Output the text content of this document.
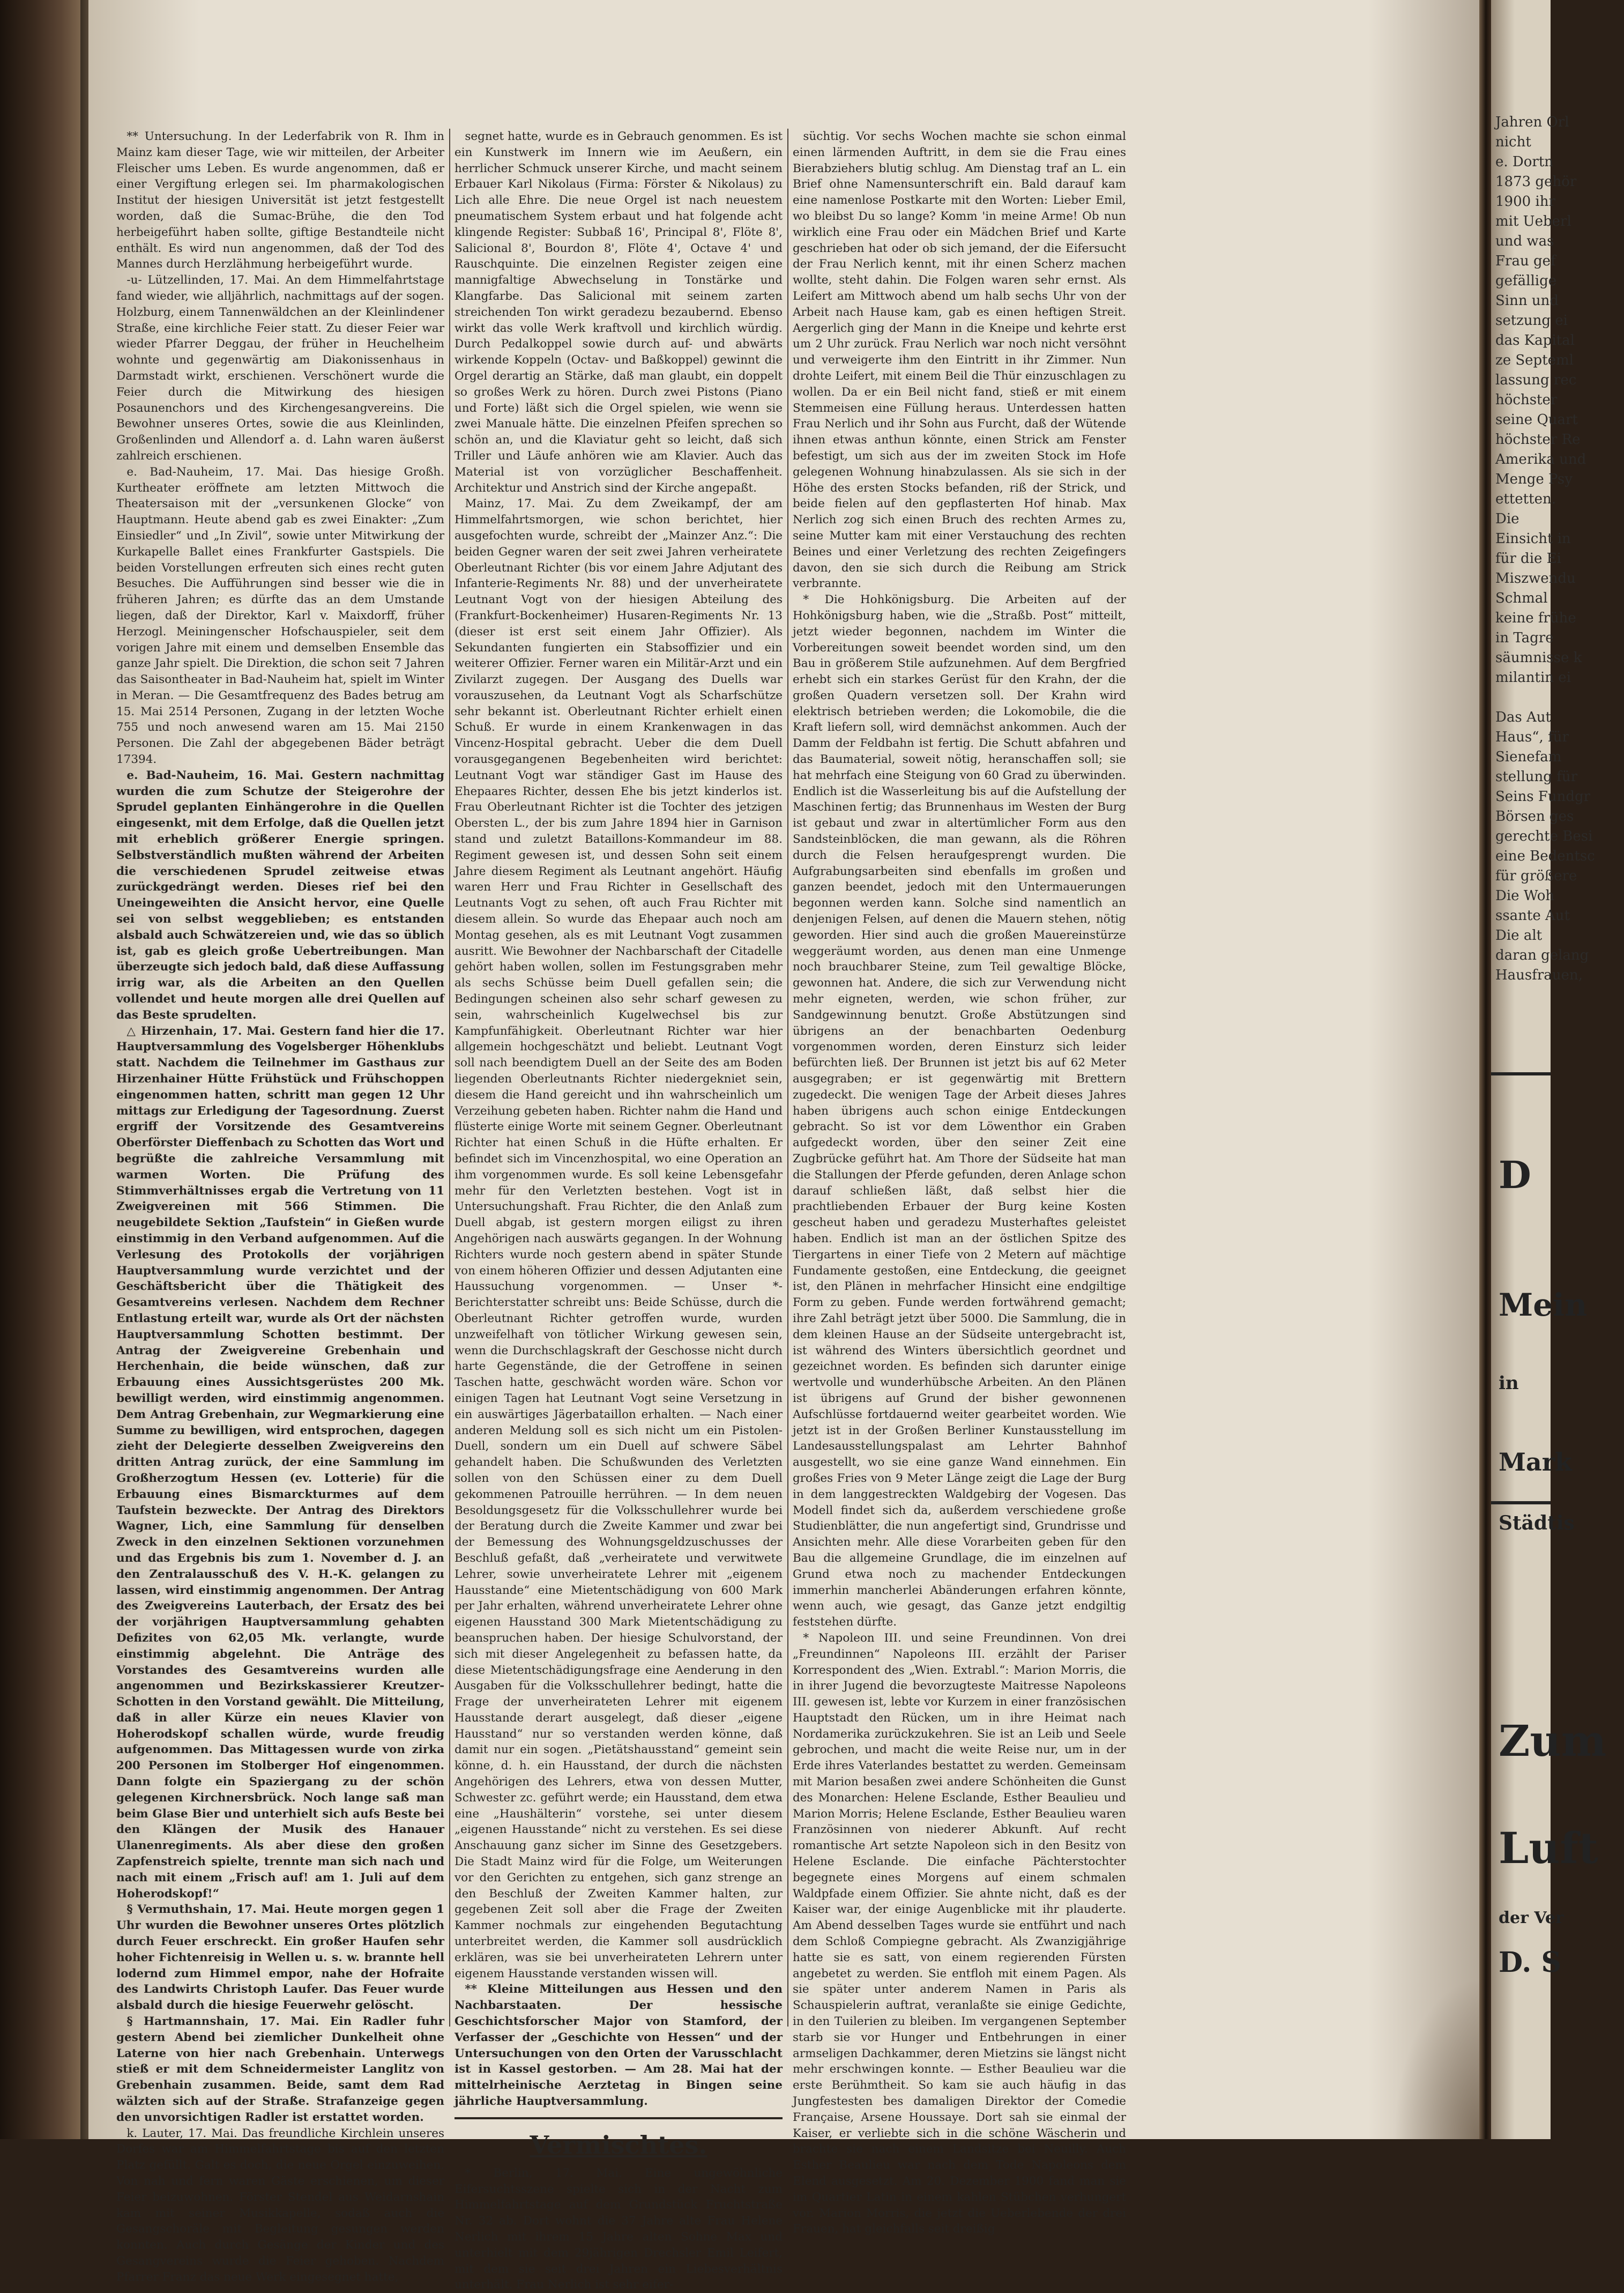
** Untersuchung. In der Lederfabrik von R. Ihm in Mainz kam dieser Tage, wie wir mitteilen, der Arbeiter Fleischer ums Leben. Es wurde angenommen, daß er einer Vergiftung erlegen sei. Im pharmakologischen Institut der hiesigen Universität ist jetzt festgestellt worden, daß die Sumac-Brühe, die den Tod herbeigeführt haben sollte, giftige Bestandteile nicht enthält. Es wird nun angenommen, daß der Tod des Mannes durch Herzlähmung herbeigeführt wurde.

-u- Lützellinden, 17. Mai. An dem Himmelfahrtstage fand wieder, wie alljährlich, nachmittags auf der sogen. Holzburg, einem Tannenwäldchen an der Kleinlindener Straße, eine kirchliche Feier statt. Zu dieser Feier war wieder Pfarrer Deggau, der früher in Heuchelheim wohnte und gegenwärtig am Diakonissenhaus in Darmstadt wirkt, erschienen. Verschönert wurde die Feier durch die Mitwirkung des hiesigen Posaunenchors und des Kirchengesangvereins. Die Bewohner unseres Ortes, sowie die aus Kleinlinden, Großenlinden und Allendorf a. d. Lahn waren äußerst zahlreich erschienen.

e. Bad-Nauheim, 17. Mai. Das hiesige Großh. Kurtheater eröffnete am letzten Mittwoch die Theatersaison mit der „versunkenen Glocke“ von Hauptmann. Heute abend gab es zwei Einakter: „Zum Einsiedler“ und „In Zivil“, sowie unter Mitwirkung der Kurkapelle Ballet eines Frankfurter Gastspiels. Die beiden Vorstellungen erfreuten sich eines recht guten Besuches. Die Aufführungen sind besser wie die in früheren Jahren; es dürfte das an dem Umstande liegen, daß der Direktor, Karl v. Maixdorff, früher Herzogl. Meiningenscher Hofschauspieler, seit dem vorigen Jahre mit einem und demselben Ensemble das ganze Jahr spielt. Die Direktion, die schon seit 7 Jahren das Saisontheater in Bad-Nauheim hat, spielt im Winter in Meran. — Die Gesamtfrequenz des Bades betrug am 15. Mai 2514 Personen, Zugang in der letzten Woche 755 und noch anwesend waren am 15. Mai 2150 Personen. Die Zahl der abgegebenen Bäder beträgt 17394.

e. Bad-Nauheim, 16. Mai. Gestern nachmittag wurden die zum Schutze der Steigerohre der Sprudel geplanten Einhängerohre in die Quellen eingesenkt, mit dem Erfolge, daß die Quellen jetzt mit erheblich größerer Energie springen. Selbstverständlich mußten während der Arbeiten die verschiedenen Sprudel zeitweise etwas zurückgedrängt werden. Dieses rief bei den Uneingeweihten die Ansicht hervor, eine Quelle sei von selbst weggeblieben; es entstanden alsbald auch Schwätzereien und, wie das so üblich ist, gab es gleich große Uebertreibungen. Man überzeugte sich jedoch bald, daß diese Auffassung irrig war, als die Arbeiten an den Quellen vollendet und heute morgen alle drei Quellen auf das Beste sprudelten.

△ Hirzenhain, 17. Mai. Gestern fand hier die 17. Hauptversammlung des Vogelsberger Höhenklubs statt. Nachdem die Teilnehmer im Gasthaus zur Hirzenhainer Hütte Frühstück und Frühschoppen eingenommen hatten, schritt man gegen 12 Uhr mittags zur Erledigung der Tagesordnung. Zuerst ergriff der Vorsitzende des Gesamtvereins Oberförster Dieffenbach zu Schotten das Wort und begrüßte die zahlreiche Versammlung mit warmen Worten. Die Prüfung des Stimmverhältnisses ergab die Vertretung von 11 Zweigvereinen mit 566 Stimmen. Die neugebildete Sektion „Taufstein“ in Gießen wurde einstimmig in den Verband aufgenommen. Auf die Verlesung des Protokolls der vorjährigen Hauptversammlung wurde verzichtet und der Geschäftsbericht über die Thätigkeit des Gesamtvereins verlesen. Nachdem dem Rechner Entlastung erteilt war, wurde als Ort der nächsten Hauptversammlung Schotten bestimmt. Der Antrag der Zweigvereine Grebenhain und Herchenhain, die beide wünschen, daß zur Erbauung eines Aussichtsgerüstes 200 Mk. bewilligt werden, wird einstimmig angenommen. Dem Antrag Grebenhain, zur Wegmarkierung eine Summe zu bewilligen, wird entsprochen, dagegen zieht der Delegierte desselben Zweigvereins den dritten Antrag zurück, der eine Sammlung im Großherzogtum Hessen (ev. Lotterie) für die Erbauung eines Bismarckturmes auf dem Taufstein bezweckte. Der Antrag des Direktors Wagner, Lich, eine Sammlung für denselben Zweck in den einzelnen Sektionen vorzunehmen und das Ergebnis bis zum 1. November d. J. an den Zentralausschuß des V. H.-K. gelangen zu lassen, wird einstimmig angenommen. Der Antrag des Zweigvereins Lauterbach, der Ersatz des bei der vorjährigen Hauptversammlung gehabten Defizites von 62,05 Mk. verlangte, wurde einstimmig abgelehnt. Die Anträge des Vorstandes des Gesamtvereins wurden alle angenommen und Bezirkskassierer Kreutzer-Schotten in den Vorstand gewählt. Die Mitteilung, daß in aller Kürze ein neues Klavier von Hoherodskopf schallen würde, wurde freudig aufgenommen. Das Mittagessen wurde von zirka 200 Personen im Stolberger Hof eingenommen. Dann folgte ein Spaziergang zu der schön gelegenen Kirchnersbrück. Noch lange saß man beim Glase Bier und unterhielt sich aufs Beste bei den Klängen der Musik des Hanauer Ulanenregiments. Als aber diese den großen Zapfenstreich spielte, trennte man sich nach und nach mit einem „Frisch auf! am 1. Juli auf dem Hoherodskopf!“

§ Vermuthshain, 17. Mai. Heute morgen gegen 1 Uhr wurden die Bewohner unseres Ortes plötzlich durch Feuer erschreckt. Ein großer Haufen sehr hoher Fichtenreisig in Wellen u. s. w. brannte hell lodernd zum Himmel empor, nahe der Hofraite des Landwirts Christoph Laufer. Das Feuer wurde alsbald durch die hiesige Feuerwehr gelöscht.

§ Hartmannshain, 17. Mai. Ein Radler fuhr gestern Abend bei ziemlicher Dunkelheit ohne Laterne von hier nach Grebenhain. Unterwegs stieß er mit dem Schneidermeister Langlitz von Grebenhain zusammen. Beide, samt dem Rad wälzten sich auf der Straße. Strafanzeige gegen den unvorsichtigen Radler ist erstattet worden.

k. Lauter, 17. Mai. Das freundliche Kirchlein unseres Dorfes war am Himmelfahrtstage bis auf den letzten Platz gefüllt. Galt es doch, die neue Orgel einzuweihen. Von nah und fern waren Gäste erschienen, um dieser Feier beizuwohnen. Förster Stendel aus Weidarnshain kam mit seiner Musikkapelle, sodaß auch die Gesangschoräle mit Begleitung gesungen werden konnten. Auch durch Gesänge der Kinder und des Gesangvereins wurde die Feier gehoben. Nachdem Pfarrer Franz das neue Werk eingesegnet hatte,

segnet hatte, wurde es in Gebrauch genommen. Es ist ein Kunstwerk im Innern wie im Aeußern, ein herrlicher Schmuck unserer Kirche, und macht seinem Erbauer Karl Nikolaus (Firma: Förster & Nikolaus) zu Lich alle Ehre. Die neue Orgel ist nach neuestem pneumatischem System erbaut und hat folgende acht klingende Register: Subbaß 16', Principal 8', Flöte 8', Salicional 8', Bourdon 8', Flöte 4', Octave 4' und Rauschquinte. Die einzelnen Register zeigen eine mannigfaltige Abwechselung in Tonstärke und Klangfarbe. Das Salicional mit seinem zarten streichenden Ton wirkt geradezu bezaubernd. Ebenso wirkt das volle Werk kraftvoll und kirchlich würdig. Durch Pedalkoppel sowie durch auf- und abwärts wirkende Koppeln (Octav- und Baßkoppel) gewinnt die Orgel derartig an Stärke, daß man glaubt, ein doppelt so großes Werk zu hören. Durch zwei Pistons (Piano und Forte) läßt sich die Orgel spielen, wie wenn sie zwei Manuale hätte. Die einzelnen Pfeifen sprechen so schön an, und die Klaviatur geht so leicht, daß sich Triller und Läufe anhören wie am Klavier. Auch das Material ist von vorzüglicher Beschaffenheit. Architektur und Anstrich sind der Kirche angepaßt.

Mainz, 17. Mai. Zu dem Zweikampf, der am Himmelfahrtsmorgen, wie schon berichtet, hier ausgefochten wurde, schreibt der „Mainzer Anz.“: Die beiden Gegner waren der seit zwei Jahren verheiratete Oberleutnant Richter (bis vor einem Jahre Adjutant des Infanterie-Regiments Nr. 88) und der unverheiratete Leutnant Vogt von der hiesigen Abteilung des (Frankfurt-Bockenheimer) Husaren-Regiments Nr. 13 (dieser ist erst seit einem Jahr Offizier). Als Sekundanten fungierten ein Stabsoffizier und ein weiterer Offizier. Ferner waren ein Militär-Arzt und ein Zivilarzt zugegen. Der Ausgang des Duells war vorauszusehen, da Leutnant Vogt als Scharfschütze sehr bekannt ist. Oberleutnant Richter erhielt einen Schuß. Er wurde in einem Krankenwagen in das Vincenz-Hospital gebracht. Ueber die dem Duell vorausgegangenen Begebenheiten wird berichtet: Leutnant Vogt war ständiger Gast im Hause des Ehepaares Richter, dessen Ehe bis jetzt kinderlos ist. Frau Oberleutnant Richter ist die Tochter des jetzigen Obersten L., der bis zum Jahre 1894 hier in Garnison stand und zuletzt Bataillons-Kommandeur im 88. Regiment gewesen ist, und dessen Sohn seit einem Jahre diesem Regiment als Leutnant angehört. Häufig waren Herr und Frau Richter in Gesellschaft des Leutnants Vogt zu sehen, oft auch Frau Richter mit diesem allein. So wurde das Ehepaar auch noch am Montag gesehen, als es mit Leutnant Vogt zusammen ausritt. Wie Bewohner der Nachbarschaft der Citadelle gehört haben wollen, sollen im Festungsgraben mehr als sechs Schüsse beim Duell gefallen sein; die Bedingungen scheinen also sehr scharf gewesen zu sein, wahrscheinlich Kugelwechsel bis zur Kampfunfähigkeit. Oberleutnant Richter war hier allgemein hochgeschätzt und beliebt. Leutnant Vogt soll nach beendigtem Duell an der Seite des am Boden liegenden Oberleutnants Richter niedergekniet sein, diesem die Hand gereicht und ihn wahrscheinlich um Verzeihung gebeten haben. Richter nahm die Hand und flüsterte einige Worte mit seinem Gegner. Oberleutnant Richter hat einen Schuß in die Hüfte erhalten. Er befindet sich im Vincenzhospital, wo eine Operation an ihm vorgenommen wurde. Es soll keine Lebensgefahr mehr für den Verletzten bestehen. Vogt ist in Untersuchungshaft. Frau Richter, die den Anlaß zum Duell abgab, ist gestern morgen eiligst zu ihren Angehörigen nach auswärts gegangen. In der Wohnung Richters wurde noch gestern abend in später Stunde von einem höheren Offizier und dessen Adjutanten eine Haussuchung vorgenommen. — Unser *-Berichterstatter schreibt uns: Beide Schüsse, durch die Oberleutnant Richter getroffen wurde, wurden unzweifelhaft von tötlicher Wirkung gewesen sein, wenn die Durchschlagskraft der Geschosse nicht durch harte Gegenstände, die der Getroffene in seinen Taschen hatte, geschwächt worden wäre. Schon vor einigen Tagen hat Leutnant Vogt seine Versetzung in ein auswärtiges Jägerbataillon erhalten. — Nach einer anderen Meldung soll es sich nicht um ein Pistolen-Duell, sondern um ein Duell auf schwere Säbel gehandelt haben. Die Schußwunden des Verletzten sollen von den Schüssen einer zu dem Duell gekommenen Patrouille herrühren. — In dem neuen Besoldungsgesetz für die Volksschullehrer wurde bei der Beratung durch die Zweite Kammer und zwar bei der Bemessung des Wohnungsgeldzuschusses der Beschluß gefaßt, daß „verheiratete und verwitwete Lehrer, sowie unverheiratete Lehrer mit „eigenem Hausstande“ eine Mietentschädigung von 600 Mark per Jahr erhalten, während unverheiratete Lehrer ohne eigenen Hausstand 300 Mark Mietentschädigung zu beanspruchen haben. Der hiesige Schulvorstand, der sich mit dieser Angelegenheit zu befassen hatte, da diese Mietentschädigungsfrage eine Aenderung in den Ausgaben für die Volksschullehrer bedingt, hatte die Frage der unverheirateten Lehrer mit eigenem Hausstande derart ausgelegt, daß dieser „eigene Hausstand“ nur so verstanden werden könne, daß damit nur ein sogen. „Pietätshausstand“ gemeint sein könne, d. h. ein Hausstand, der durch die nächsten Angehörigen des Lehrers, etwa von dessen Mutter, Schwester zc. geführt werde; ein Hausstand, dem etwa eine „Haushälterin“ vorstehe, sei unter diesem „eigenen Hausstande“ nicht zu verstehen. Es sei diese Anschauung ganz sicher im Sinne des Gesetzgebers. Die Stadt Mainz wird für die Folge, um Weiterungen vor den Gerichten zu entgehen, sich ganz strenge an den Beschluß der Zweiten Kammer halten, zur gegebenen Zeit soll aber die Frage der Zweiten Kammer nochmals zur eingehenden Begutachtung unterbreitet werden, die Kammer soll ausdrücklich erklären, was sie bei unverheirateten Lehrern unter eigenem Hausstande verstanden wissen will.

** Kleine Mitteilungen aus Hessen und den Nachbarstaaten. Der hessische Geschichtsforscher Major von Stamford, der Verfasser der „Geschichte von Hessen“ und der Untersuchungen von den Orten der Varusschlacht ist in Kassel gestorben. — Am 28. Mai hat der mittelrheinische Aerztetag in Bingen seine jährliche Hauptversammlung.

Vermischtes.

* Berlin, 17. Mai. Eine ungewöhnliche Eifersuchtsszene spielte sich in der Nacht zum Himmelfahrtstage auf dem Grundstück Fruchtstraße Nr. 32 ab. Dort wohnt die 37 Jahre alte Frau Helene Nerlich mit ihrem 15 Jahre alten Sohne Max und unterhielt mit dem 29jährigen Drechsler Emil Leifert, mit dem sie seit drei Jahren ein Liebesverhältnis unterhält. Frau Nerlich ist sehr eifer-

süchtig. Vor sechs Wochen machte sie schon einmal einen lärmenden Auftritt, in dem sie die Frau eines Bierabziehers blutig schlug. Am Dienstag traf an L. ein Brief ohne Namensunterschrift ein. Bald darauf kam eine namenlose Postkarte mit den Worten: Lieber Emil, wo bleibst Du so lange? Komm 'in meine Arme! Ob nun wirklich eine Frau oder ein Mädchen Brief und Karte geschrieben hat oder ob sich jemand, der die Eifersucht der Frau Nerlich kennt, mit ihr einen Scherz machen wollte, steht dahin. Die Folgen waren sehr ernst. Als Leifert am Mittwoch abend um halb sechs Uhr von der Arbeit nach Hause kam, gab es einen heftigen Streit. Aergerlich ging der Mann in die Kneipe und kehrte erst um 2 Uhr zurück. Frau Nerlich war noch nicht versöhnt und verweigerte ihm den Eintritt in ihr Zimmer. Nun drohte Leifert, mit einem Beil die Thür einzuschlagen zu wollen. Da er ein Beil nicht fand, stieß er mit einem Stemmeisen eine Füllung heraus. Unterdessen hatten Frau Nerlich und ihr Sohn aus Furcht, daß der Wütende ihnen etwas anthun könnte, einen Strick am Fenster befestigt, um sich aus der im zweiten Stock im Hofe gelegenen Wohnung hinabzulassen. Als sie sich in der Höhe des ersten Stocks befanden, riß der Strick, und beide fielen auf den gepflasterten Hof hinab. Max Nerlich zog sich einen Bruch des rechten Armes zu, seine Mutter kam mit einer Verstauchung des rechten Beines und einer Verletzung des rechten Zeigefingers davon, den sie sich durch die Reibung am Strick verbrannte.

* Die Hohkönigsburg. Die Arbeiten auf der Hohkönigsburg haben, wie die „Straßb. Post“ mitteilt, jetzt wieder begonnen, nachdem im Winter die Vorbereitungen soweit beendet worden sind, um den Bau in größerem Stile aufzunehmen. Auf dem Bergfried erhebt sich ein starkes Gerüst für den Krahn, der die großen Quadern versetzen soll. Der Krahn wird elektrisch betrieben werden; die Lokomobile, die die Kraft liefern soll, wird demnächst ankommen. Auch der Damm der Feldbahn ist fertig. Die Schutt abfahren und das Baumaterial, soweit nötig, heranschaffen soll; sie hat mehrfach eine Steigung von 60 Grad zu überwinden. Endlich ist die Wasserleitung bis auf die Aufstellung der Maschinen fertig; das Brunnenhaus im Westen der Burg ist gebaut und zwar in altertümlicher Form aus den Sandsteinblöcken, die man gewann, als die Röhren durch die Felsen heraufgesprengt wurden. Die Aufgrabungsarbeiten sind ebenfalls im großen und ganzen beendet, jedoch mit den Untermauerungen begonnen werden kann. Solche sind namentlich an denjenigen Felsen, auf denen die Mauern stehen, nötig geworden. Hier sind auch die großen Mauereinstürze weggeräumt worden, aus denen man eine Unmenge noch brauchbarer Steine, zum Teil gewaltige Blöcke, gewonnen hat. Andere, die sich zur Verwendung nicht mehr eigneten, werden, wie schon früher, zur Sandgewinnung benutzt. Große Abstützungen sind übrigens an der benachbarten Oedenburg vorgenommen worden, deren Einsturz sich leider befürchten ließ. Der Brunnen ist jetzt bis auf 62 Meter ausgegraben; er ist gegenwärtig mit Brettern zugedeckt. Die wenigen Tage der Arbeit dieses Jahres haben übrigens auch schon einige Entdeckungen gebracht. So ist vor dem Löwenthor ein Graben aufgedeckt worden, über den seiner Zeit eine Zugbrücke geführt hat. Am Thore der Südseite hat man die Stallungen der Pferde gefunden, deren Anlage schon darauf schließen läßt, daß selbst hier die prachtliebenden Erbauer der Burg keine Kosten gescheut haben und geradezu Musterhaftes geleistet haben. Endlich ist man an der östlichen Spitze des Tiergartens in einer Tiefe von 2 Metern auf mächtige Fundamente gestoßen, eine Entdeckung, die geeignet ist, den Plänen in mehrfacher Hinsicht eine endgiltige Form zu geben. Funde werden fortwährend gemacht; ihre Zahl beträgt jetzt über 5000. Die Sammlung, die in dem kleinen Hause an der Südseite untergebracht ist, ist während des Winters übersichtlich geordnet und gezeichnet worden. Es befinden sich darunter einige wertvolle und wunderhübsche Arbeiten. An den Plänen ist übrigens auf Grund der bisher gewonnenen Aufschlüsse fortdauernd weiter gearbeitet worden. Wie jetzt ist in der Großen Berliner Kunstausstellung im Landesausstellungspalast am Lehrter Bahnhof ausgestellt, wo sie eine ganze Wand einnehmen. Ein großes Fries von 9 Meter Länge zeigt die Lage der Burg in dem langgestreckten Waldgebirg der Vogesen. Das Modell findet sich da, außerdem verschiedene große Studienblätter, die nun angefertigt sind, Grundrisse und Ansichten mehr. Alle diese Vorarbeiten geben für den Bau die allgemeine Grundlage, die im einzelnen auf Grund etwa noch zu machender Entdeckungen immerhin mancherlei Abänderungen erfahren könnte, wenn auch, wie gesagt, das Ganze jetzt endgiltig feststehen dürfte.

* Napoleon III. und seine Freundinnen. Von drei „Freundinnen“ Napoleons III. erzählt der Pariser Korrespondent des „Wien. Extrabl.“: Marion Morris, die in ihrer Jugend die bevorzugteste Maitresse Napoleons III. gewesen ist, lebte vor Kurzem in einer französischen Hauptstadt den Rücken, um in ihre Heimat nach Nordamerika zurückzukehren. Sie ist an Leib und Seele gebrochen, und macht die weite Reise nur, um in der Erde ihres Vaterlandes bestattet zu werden. Gemeinsam mit Marion besaßen zwei andere Schönheiten die Gunst des Monarchen: Helene Esclande, Esther Beaulieu und Marion Morris; Helene Esclande, Esther Beaulieu waren Französinnen von niederer Abkunft. Auf recht romantische Art setzte Napoleon sich in den Besitz von Helene Esclande. Die einfache Pächterstochter begegnete eines Morgens auf einem schmalen Waldpfade einem Offizier. Sie ahnte nicht, daß es der Kaiser war, der einige Augenblicke mit ihr plauderte. Am Abend desselben Tages wurde sie entführt und nach dem Schloß Compiegne gebracht. Als Zwanzigjährige hatte sie es satt, von einem regierenden Fürsten angebetet zu werden. Sie entfloh mit einem Pagen. Als sie später unter anderem Namen in Paris als Schauspielerin auftrat, veranlaßte sie einige Gedichte, in den Tuilerien zu bleiben. Im vergangenen September starb sie vor Hunger und Entbehrungen in einer armseligen Dachkammer, deren Mietzins sie längst nicht mehr erschwingen konnte. — Esther Beaulieu war die erste Berühmtheit. So kam sie auch häufig in das Jungfestesten bes damaligen Direktor der Comedie Française, Arsene Houssaye. Dort sah sie einmal der Kaiser, er verliebte sich in die schöne Wäscherin und brachte sie nach einem Landsitze bei Neuilly. Auch Esther Beaulieu war nach dem Tode Napoleons dem Elend ausgesetzt. Am 20. Dezember 1900 fand man sie im Quartier Latin in einem kahlen Stübchen verhungert vor. Marion Morris, die jetzt die Ueberlebende der drei Frauen, hat gleichfalls seit dreißig

Jahren Orl
nicht
e. Dortn
1873 gehör
1900 ihr
mit Ueberl
und was
Frau gef
gefällige
Sinn und
setzung ei
das Kapital
ze Septeml
lassung rec
höchster
seine Quart
höchster Re
Amerika und
Menge Psy
ettetten.
Die
Einsicht in
für die Ei
Miszwendu
Schmal
keine frühe
in Tagre
säumnisse k
milantin ei

Das Aut
Haus“, für
Sienefam
stellung für
Seins Fundgr
Börsen ges
gerechte Besi
eine Bedentsc
für größere
Die Woh
ssante Aut
Die alt
daran gelang
Hausfrauen,
D
Mein
in
Mark
Städtis
Zum
Luft
der Ver
D. S
